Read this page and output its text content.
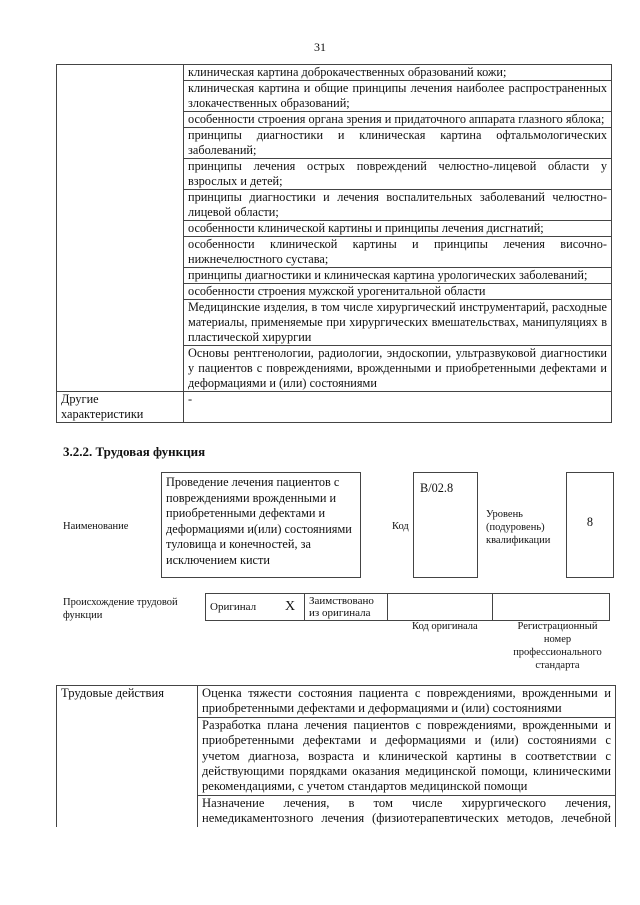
31
	клиническая картина доброкачественных образований кожи;
	клиническая картина и общие принципы лечения наиболее распространенных злокачественных образований;
	особенности строения органа зрения и придаточного аппарата глазного яблока;
	принципы диагностики и клиническая картина офтальмологических заболеваний;
	принципы лечения острых повреждений челюстно-лицевой области у взрослых и детей;
	принципы диагностики и лечения воспалительных заболеваний челюстно-лицевой области;
	особенности клинической картины и принципы лечения дисгнатий;
	особенности клинической картины и принципы лечения височно-нижнечелюстного сустава;
	принципы диагностики и клиническая картина урологических заболеваний;
	особенности строения мужской урогенитальной области
	Медицинские изделия, в том числе хирургический инструментарий, расходные материалы, применяемые при хирургических вмешательствах, манипуляциях в пластической хирургии
	Основы рентгенологии, радиологии, эндоскопии, ультразвуковой диагностики у пациентов с повреждениями, врожденными и приобретенными дефектами и деформациями и (или) состояниями
Другие характеристики	-
3.2.2. Трудовая функция
Наименование
Проведение лечения пациентов с повреждениями врожденными и приобретенными дефектами и деформациями и(или) состояниями туловища и конечностей, за исключением кисти
Код
B/02.8
Уровень (подуровень) квалификации
8
Происхождение трудовой функции
Оригинал	X	Заимствовано из оригинала		
Код оригинала	Регистрационный номер профессионального стандарта
Трудовые действия	Оценка тяжести состояния пациента с повреждениями, врожденными и приобретенными дефектами и деформациями и (или) состояниями
Разработка плана лечения пациентов с повреждениями, врожденными и приобретенными дефектами и деформациями и (или) состояниями с учетом диагноза, возраста и клинической картины в соответствии с действующими порядками оказания медицинской помощи, клиническими рекомендациями, с учетом стандартов медицинской помощи
Назначение лечения, в том числе хирургического лечения, немедикаментозного лечения (физиотерапевтических методов, лечебной
